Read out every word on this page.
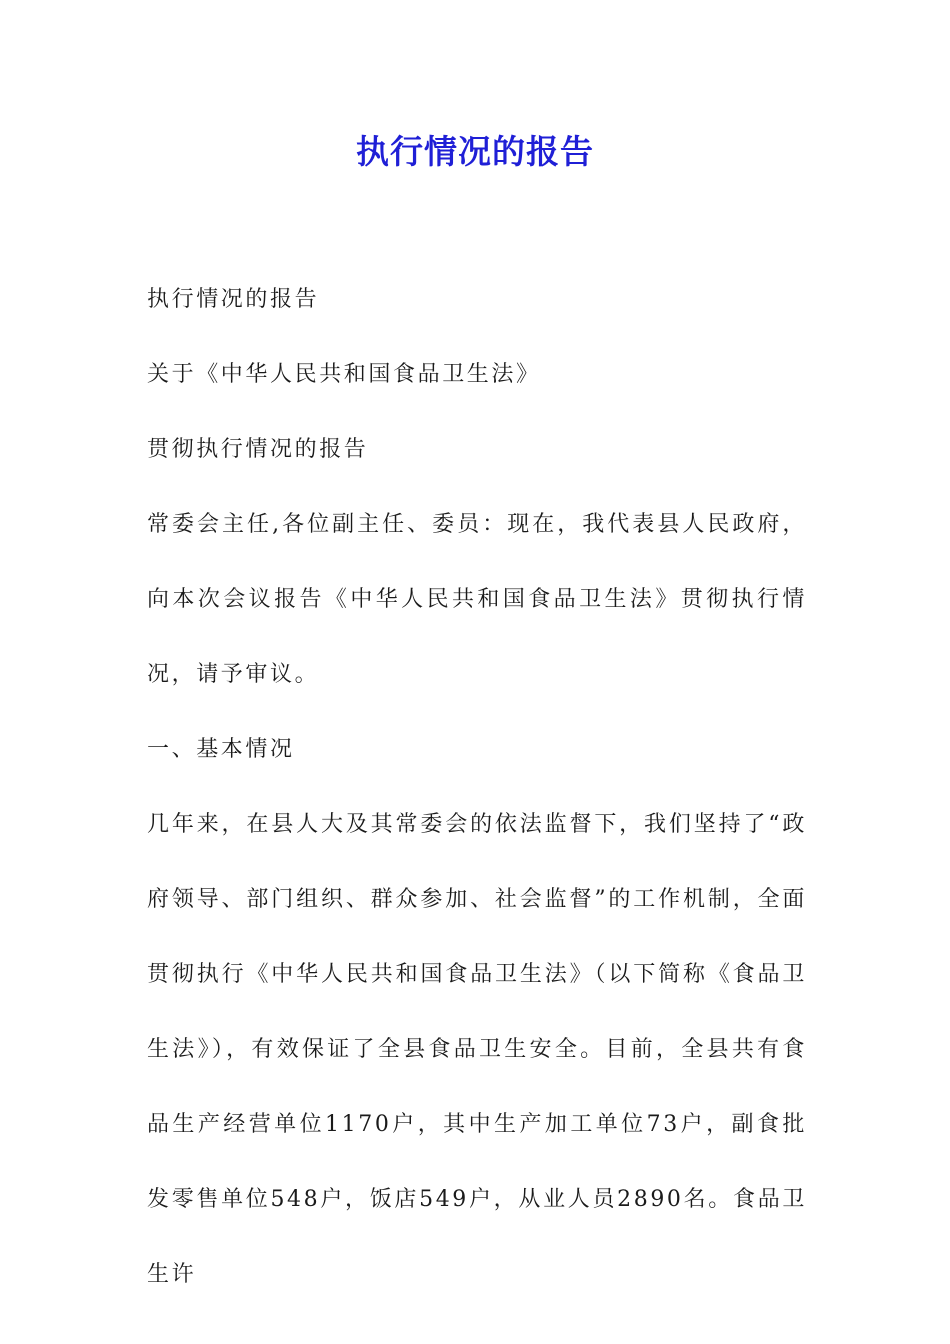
执行情况的报告

执行情况的报告

关于《中华人民共和国食品卫生法》

贯彻执行情况的报告

常委会主任,各位副主任、委员：现在，我代表县人民政府，向本次会议报告《中华人民共和国食品卫生法》贯彻执行情况，请予审议。

一、基本情况

几年来，在县人大及其常委会的依法监督下，我们坚持了“政府领导、部门组织、群众参加、社会监督”的工作机制，全面贯彻执行《中华人民共和国食品卫生法》（以下简称《食品卫生法》），有效保证了全县食品卫生安全。目前，全县共有食品生产经营单位1170户，其中生产加工单位73户，副食批发零售单位548户，饭店549户，从业人员2890名。食品卫生许
